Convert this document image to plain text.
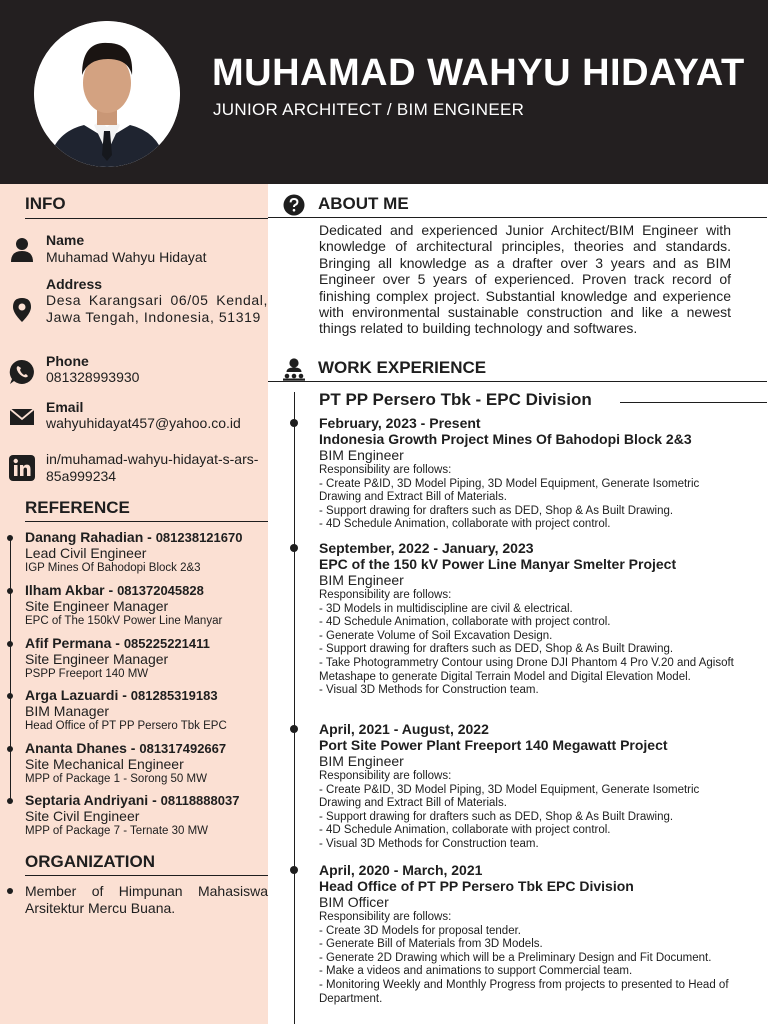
MUHAMAD WAHYU HIDAYAT
JUNIOR ARCHITECT / BIM ENGINEER
INFO
Name
Muhamad Wahyu Hidayat
Address
Desa Karangsari 06/05 Kendal, Jawa Tengah, Indonesia, 51319
Phone
081328993930
Email
wahyuhidayat457@yahoo.co.id
in/muhamad-wahyu-hidayat-s-ars-85a999234
REFERENCE
Danang Rahadian - 081238121670
Lead Civil Engineer
IGP Mines Of Bahodopi Block 2&3
Ilham Akbar - 081372045828
Site Engineer Manager
EPC of The 150kV Power Line Manyar
Afif Permana - 085225221411
Site Engineer Manager
PSPP Freeport 140 MW
Arga Lazuardi - 081285319183
BIM Manager
Head Office of PT PP Persero Tbk EPC
Ananta Dhanes - 081317492667
Site Mechanical Engineer
MPP of Package 1 - Sorong 50 MW
Septaria Andriyani - 08118888037
Site Civil Engineer
MPP of Package 7 - Ternate 30 MW
ORGANIZATION
Member of Himpunan Mahasiswa Arsitektur Mercu Buana.
ABOUT ME
Dedicated and experienced Junior Architect/BIM Engineer with knowledge of architectural principles, theories and standards. Bringing all knowledge as a drafter over 3 years and as BIM Engineer over 5 years of experienced. Proven track record of finishing complex project. Substantial knowledge and experience with environmental sustainable construction and like a newest things related to building technology and softwares.
WORK EXPERIENCE
PT PP Persero Tbk - EPC Division
February, 2023 - Present
Indonesia Growth Project Mines Of Bahodopi Block 2&3
BIM Engineer
Responsibility are follows:
- Create P&ID, 3D Model Piping, 3D Model Equipment, Generate Isometric Drawing and Extract Bill of Materials.
- Support drawing for drafters such as DED, Shop & As Built Drawing.
- 4D Schedule Animation, collaborate with project control.
September, 2022 - January, 2023
EPC of the 150 kV Power Line Manyar Smelter Project
BIM Engineer
Responsibility are follows:
- 3D Models in multidiscipline are civil & electrical.
- 4D Schedule Animation, collaborate with project control.
- Generate Volume of Soil Excavation Design.
- Support drawing for drafters such as DED, Shop & As Built Drawing.
- Take Photogrammetry Contour using Drone DJI Phantom 4 Pro V.20 and Agisoft Metashape to generate Digital Terrain Model and Digital Elevation Model.
- Visual 3D Methods for Construction team.
April, 2021 - August, 2022
Port Site Power Plant Freeport 140 Megawatt Project
BIM Engineer
Responsibility are follows:
- Create P&ID, 3D Model Piping, 3D Model Equipment, Generate Isometric Drawing and Extract Bill of Materials.
- Support drawing for drafters such as DED, Shop & As Built Drawing.
- 4D Schedule Animation, collaborate with project control.
- Visual 3D Methods for Construction team.
April, 2020 - March, 2021
Head Office of PT PP Persero Tbk EPC Division
BIM Officer
Responsibility are follows:
- Create 3D Models for proposal tender.
- Generate Bill of Materials from 3D Models.
- Generate 2D Drawing which will be a Preliminary Design and Fit Document.
- Make a videos and animations to support Commercial team.
- Monitoring Weekly and Monthly Progress from projects to presented to Head of Department.
